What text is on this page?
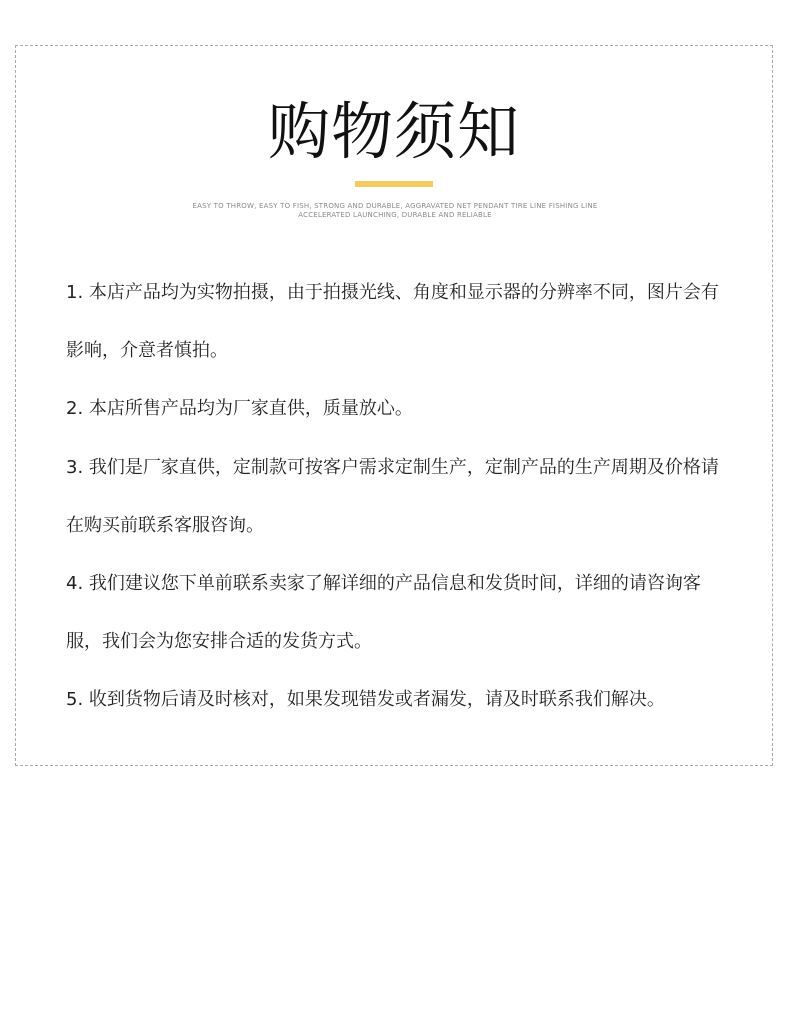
购物须知

EASY TO THROW, EASY TO FISH, STRONG AND DURABLE, AGGRAVATED NET PENDANT TIRE LINE FISHING LINE
ACCELERATED LAUNCHING, DURABLE AND RELIABLE

1. 本店产品均为实物拍摄，由于拍摄光线、角度和显示器的分辨率不同，图片会有影响，介意者慎拍。
2. 本店所售产品均为厂家直供，质量放心。
3. 我们是厂家直供，定制款可按客户需求定制生产，定制产品的生产周期及价格请在购买前联系客服咨询。
4. 我们建议您下单前联系卖家了解详细的产品信息和发货时间，详细的请咨询客服，我们会为您安排合适的发货方式。
5. 收到货物后请及时核对，如果发现错发或者漏发，请及时联系我们解决。
